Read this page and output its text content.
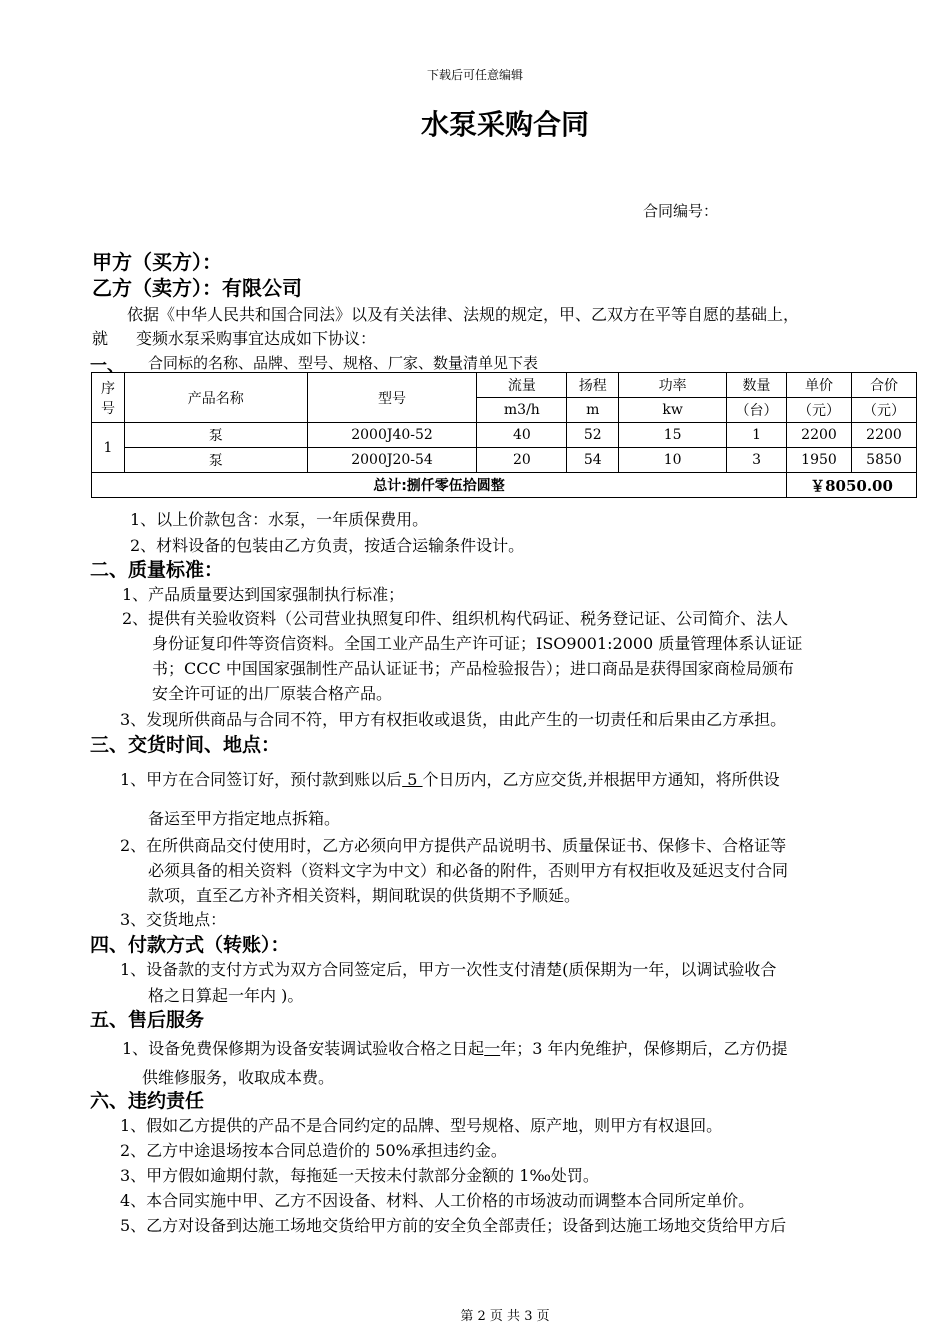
下载后可任意编辑
水泵采购合同
合同编号：
甲方（买方）：
乙方（卖方）：有限公司
依据《中华人民共和国合同法》以及有关法律、法规的规定，甲、乙双方在平等自愿的基础上，
就 变频水泵采购事宜达成如下协议：
一、 合同标的名称、品牌、型号、规格、厂家、数量清单见下表
序
号	产品名称	型号	流量	扬程	功率	数量	单价	合价
			m3/h	m	kw	（台）	（元）	（元）
1	泵	2000J40-52	40	52	15	1	2200	2200
	泵	2000J20-54	20	54	10	3	1950	5850
总计:捌仟零伍拾圆整							￥8050.00	
1、以上价款包含：水泵，一年质保费用。
2、材料设备的包装由乙方负责，按适合运输条件设计。
二、质量标准：
1、产品质量要达到国家强制执行标准；
2、提供有关验收资料（公司营业执照复印件、组织机构代码证、税务登记证、公司简介、法人
身份证复印件等资信资料。全国工业产品生产许可证；ISO9001:2000 质量管理体系认证证
书；CCC 中国国家强制性产品认证证书；产品检验报告）；进口商品是获得国家商检局颁布
安全许可证的出厂原装合格产品。
3、发现所供商品与合同不符，甲方有权拒收或退货，由此产生的一切责任和后果由乙方承担。
三、交货时间、地点：
1、甲方在合同签订好，预付款到账以后 5 个日历内，乙方应交货,并根据甲方通知，将所供设
备运至甲方指定地点拆箱。
2、在所供商品交付使用时，乙方必须向甲方提供产品说明书、质量保证书、保修卡、合格证等
必须具备的相关资料（资料文字为中文）和必备的附件，否则甲方有权拒收及延迟支付合同
款项，直至乙方补齐相关资料，期间耽误的供货期不予顺延。
3、交货地点：
四、付款方式（转账）：
1、设备款的支付方式为双方合同签定后，甲方一次性支付清楚(质保期为一年，以调试验收合
格之日算起一年内 )。
五、售后服务
1、设备免费保修期为设备安装调试验收合格之日起一年；3 年内免维护，保修期后，乙方仍提
供维修服务，收取成本费。
六、违约责任
1、假如乙方提供的产品不是合同约定的品牌、型号规格、原产地，则甲方有权退回。
2、乙方中途退场按本合同总造价的 50%承担违约金。
3、甲方假如逾期付款，每拖延一天按未付款部分金额的 1‰处罚。
4、本合同实施中甲、乙方不因设备、材料、人工价格的市场波动而调整本合同所定单价。
5、乙方对设备到达施工场地交货给甲方前的安全负全部责任；设备到达施工场地交货给甲方后
第 2 页 共 3 页
